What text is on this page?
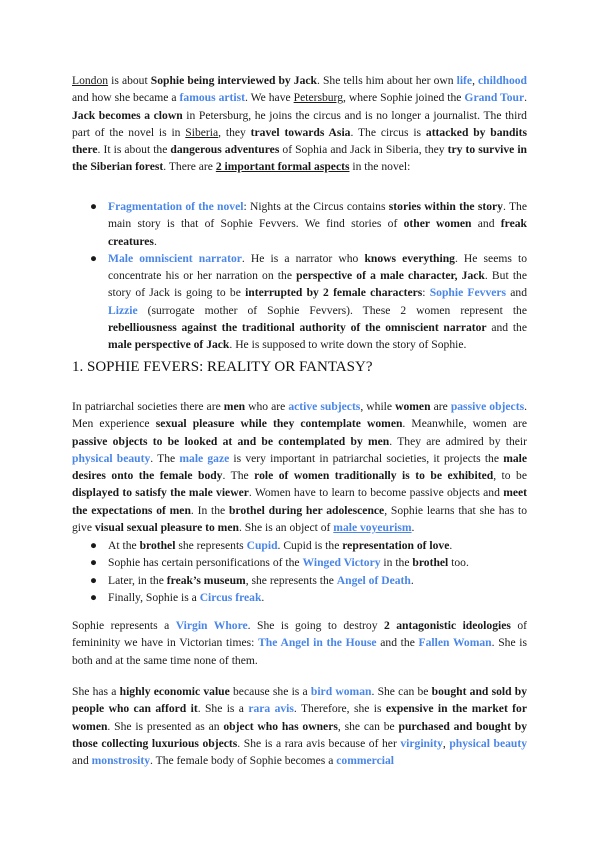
London is about Sophie being interviewed by Jack. She tells him about her own life, childhood and how she became a famous artist. We have Petersburg, where Sophie joined the Grand Tour. Jack becomes a clown in Petersburg, he joins the circus and is no longer a journalist. The third part of the novel is in Siberia, they travel towards Asia. The circus is attacked by bandits there. It is about the dangerous adventures of Sophia and Jack in Siberia, they try to survive in the Siberian forest. There are 2 important formal aspects in the novel:

● Fragmentation of the novel: Nights at the Circus contains stories within the story. The main story is that of Sophie Fevvers. We find stories of other women and freak creatures.
● Male omniscient narrator. He is a narrator who knows everything. He seems to concentrate his or her narration on the perspective of a male character, Jack. But the story of Jack is going to be interrupted by 2 female characters: Sophie Fevvers and Lizzie (surrogate mother of Sophie Fevvers). These 2 women represent the rebelliousness against the traditional authority of the omniscient narrator and the male perspective of Jack. He is supposed to write down the story of Sophie.
1. SOPHIE FEVERS: REALITY OR FANTASY?

In patriarchal societies there are men who are active subjects, while women are passive objects. Men experience sexual pleasure while they contemplate women. Meanwhile, women are passive objects to be looked at and be contemplated by men. They are admired by their physical beauty. The male gaze is very important in patriarchal societies, it projects the male desires onto the female body. The role of women traditionally is to be exhibited, to be displayed to satisfy the male viewer. Women have to learn to become passive objects and meet the expectations of men. In the brothel during her adolescence, Sophie learns that she has to give visual sexual pleasure to men. She is an object of male voyeurism.

● At the brothel she represents Cupid. Cupid is the representation of love.
● Sophie has certain personifications of the Winged Victory in the brothel too.
● Later, in the freak’s museum, she represents the Angel of Death.
● Finally, Sophie is a Circus freak.

Sophie represents a Virgin Whore. She is going to destroy 2 antagonistic ideologies of femininity we have in Victorian times: The Angel in the House and the Fallen Woman. She is both and at the same time none of them.

She has a highly economic value because she is a bird woman. She can be bought and sold by people who can afford it. She is a rara avis. Therefore, she is expensive in the market for women. She is presented as an object who has owners, she can be purchased and bought by those collecting luxurious objects. She is a rara avis because of her virginity, physical beauty and monstrosity. The female body of Sophie becomes a commercial
